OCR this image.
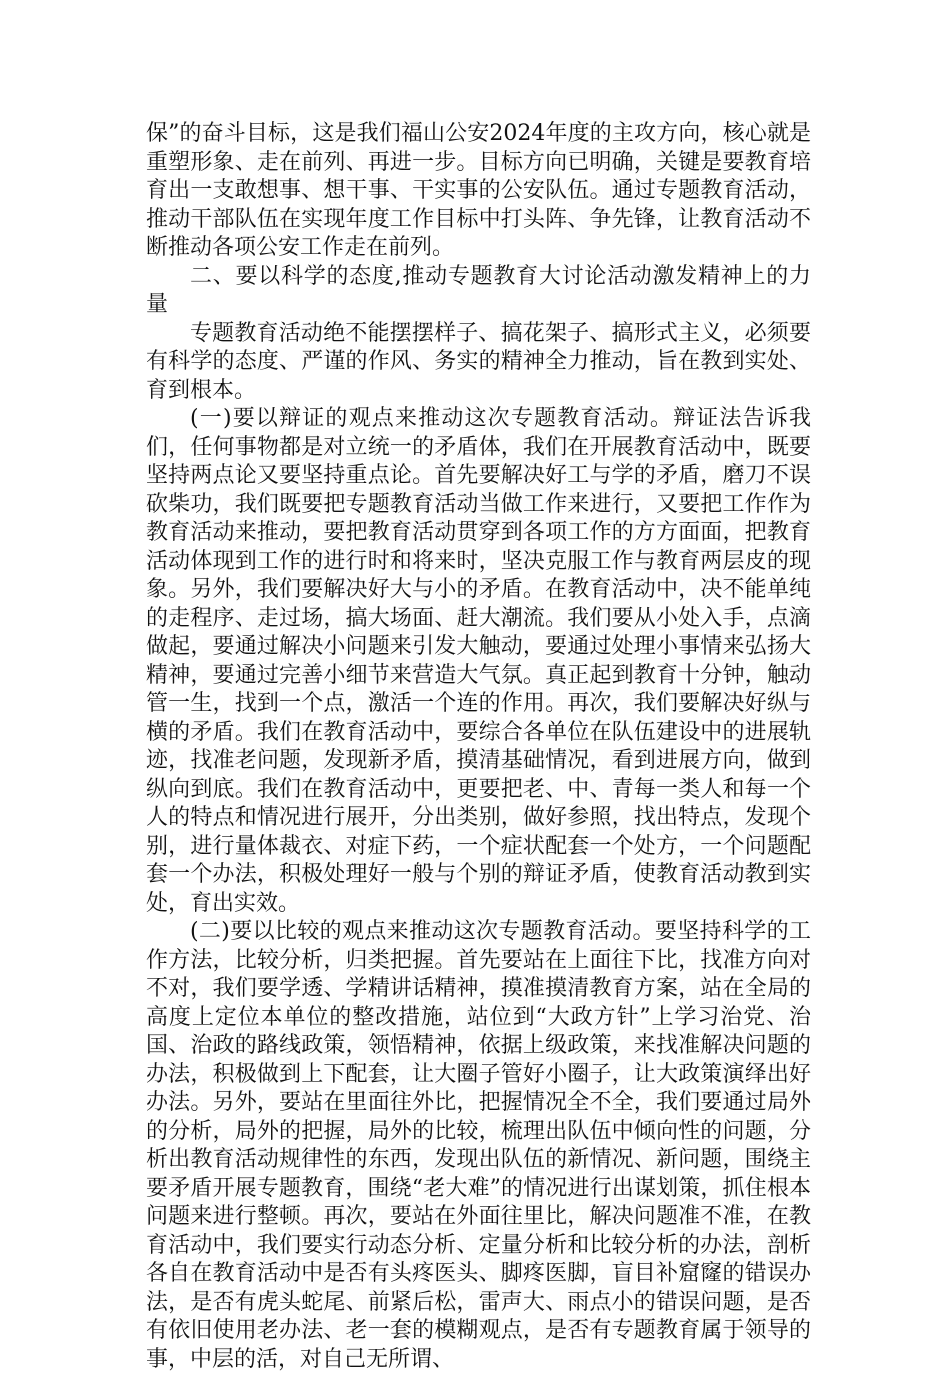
保”的奋斗目标，这是我们福山公安2024年度的主攻方向，核心就是重塑形象、走在前列、再进一步。目标方向已明确，关键是要教育培育出一支敢想事、想干事、干实事的公安队伍。通过专题教育活动，推动干部队伍在实现年度工作目标中打头阵、争先锋，让教育活动不断推动各项公安工作走在前列。

二、要以科学的态度,推动专题教育大讨论活动激发精神上的力量

专题教育活动绝不能摆摆样子、搞花架子、搞形式主义，必须要有科学的态度、严谨的作风、务实的精神全力推动，旨在教到实处、育到根本。

(一)要以辩证的观点来推动这次专题教育活动。辩证法告诉我们，任何事物都是对立统一的矛盾体，我们在开展教育活动中，既要坚持两点论又要坚持重点论。首先要解决好工与学的矛盾，磨刀不误砍柴功，我们既要把专题教育活动当做工作来进行，又要把工作作为教育活动来推动，要把教育活动贯穿到各项工作的方方面面，把教育活动体现到工作的进行时和将来时，坚决克服工作与教育两层皮的现象。另外，我们要解决好大与小的矛盾。在教育活动中，决不能单纯的走程序、走过场，搞大场面、赶大潮流。我们要从小处入手，点滴做起，要通过解决小问题来引发大触动，要通过处理小事情来弘扬大精神，要通过完善小细节来营造大气氛。真正起到教育十分钟，触动管一生，找到一个点，激活一个连的作用。再次，我们要解决好纵与横的矛盾。我们在教育活动中，要综合各单位在队伍建设中的进展轨迹，找准老问题，发现新矛盾，摸清基础情况，看到进展方向，做到纵向到底。我们在教育活动中，更要把老、中、青每一类人和每一个人的特点和情况进行展开，分出类别，做好参照，找出特点，发现个别，进行量体裁衣、对症下药，一个症状配套一个处方，一个问题配套一个办法，积极处理好一般与个别的辩证矛盾，使教育活动教到实处，育出实效。

(二)要以比较的观点来推动这次专题教育活动。要坚持科学的工作方法，比较分析，归类把握。首先要站在上面往下比，找准方向对不对，我们要学透、学精讲话精神，摸准摸清教育方案，站在全局的高度上定位本单位的整改措施，站位到“大政方针”上学习治党、治国、治政的路线政策，领悟精神，依据上级政策，来找准解决问题的办法，积极做到上下配套，让大圈子管好小圈子，让大政策演绎出好办法。另外，要站在里面往外比，把握情况全不全，我们要通过局外的分析，局外的把握，局外的比较，梳理出队伍中倾向性的问题，分析出教育活动规律性的东西，发现出队伍的新情况、新问题，围绕主要矛盾开展专题教育，围绕“老大难”的情况进行出谋划策，抓住根本问题来进行整顿。再次，要站在外面往里比，解决问题准不准，在教育活动中，我们要实行动态分析、定量分析和比较分析的办法，剖析各自在教育活动中是否有头疼医头、脚疼医脚，盲目补窟窿的错误办法，是否有虎头蛇尾、前紧后松，雷声大、雨点小的错误问题，是否有依旧使用老办法、老一套的模糊观点，是否有专题教育属于领导的事，中层的活，对自己无所谓、
